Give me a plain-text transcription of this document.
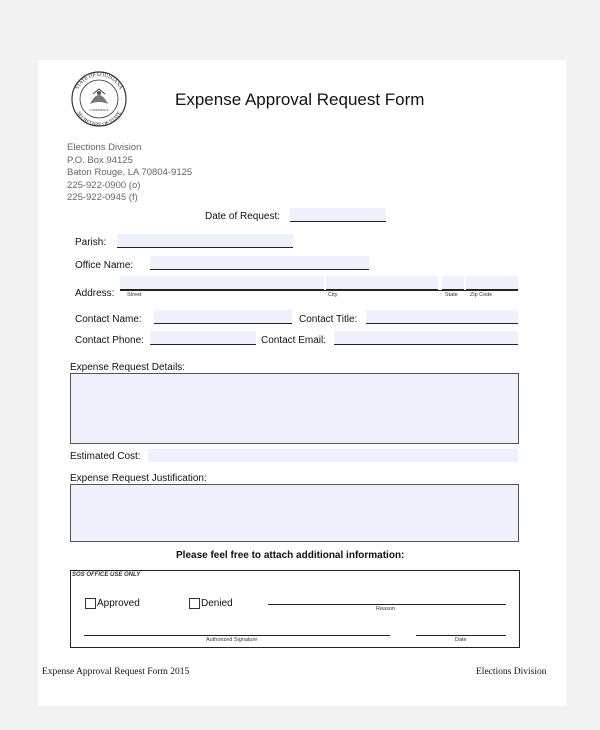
STATE OF LOUISIANA
SECRETARY OF STATE
CONFIDENCE
Expense Approval Request Form
Elections Division
P.O. Box 94125
Baton Rouge, LA 70804-9125
225-922-0900 (o)
225-922-0945 (f)
Date of Request:
Parish:
Office Name:
Address: Street	City	State Zip Code
Contact Name:	Contact Title:
Contact Phone:	Contact Email:
Expense Request Details:
Estimated Cost:
Expense Request Justification:
Please feel free to attach additional information:
SOS OFFICE USE ONLY
Approved	Denied	Reason
Authorized Signature	Date
Expense Approval Request Form 2015	Elections Division
